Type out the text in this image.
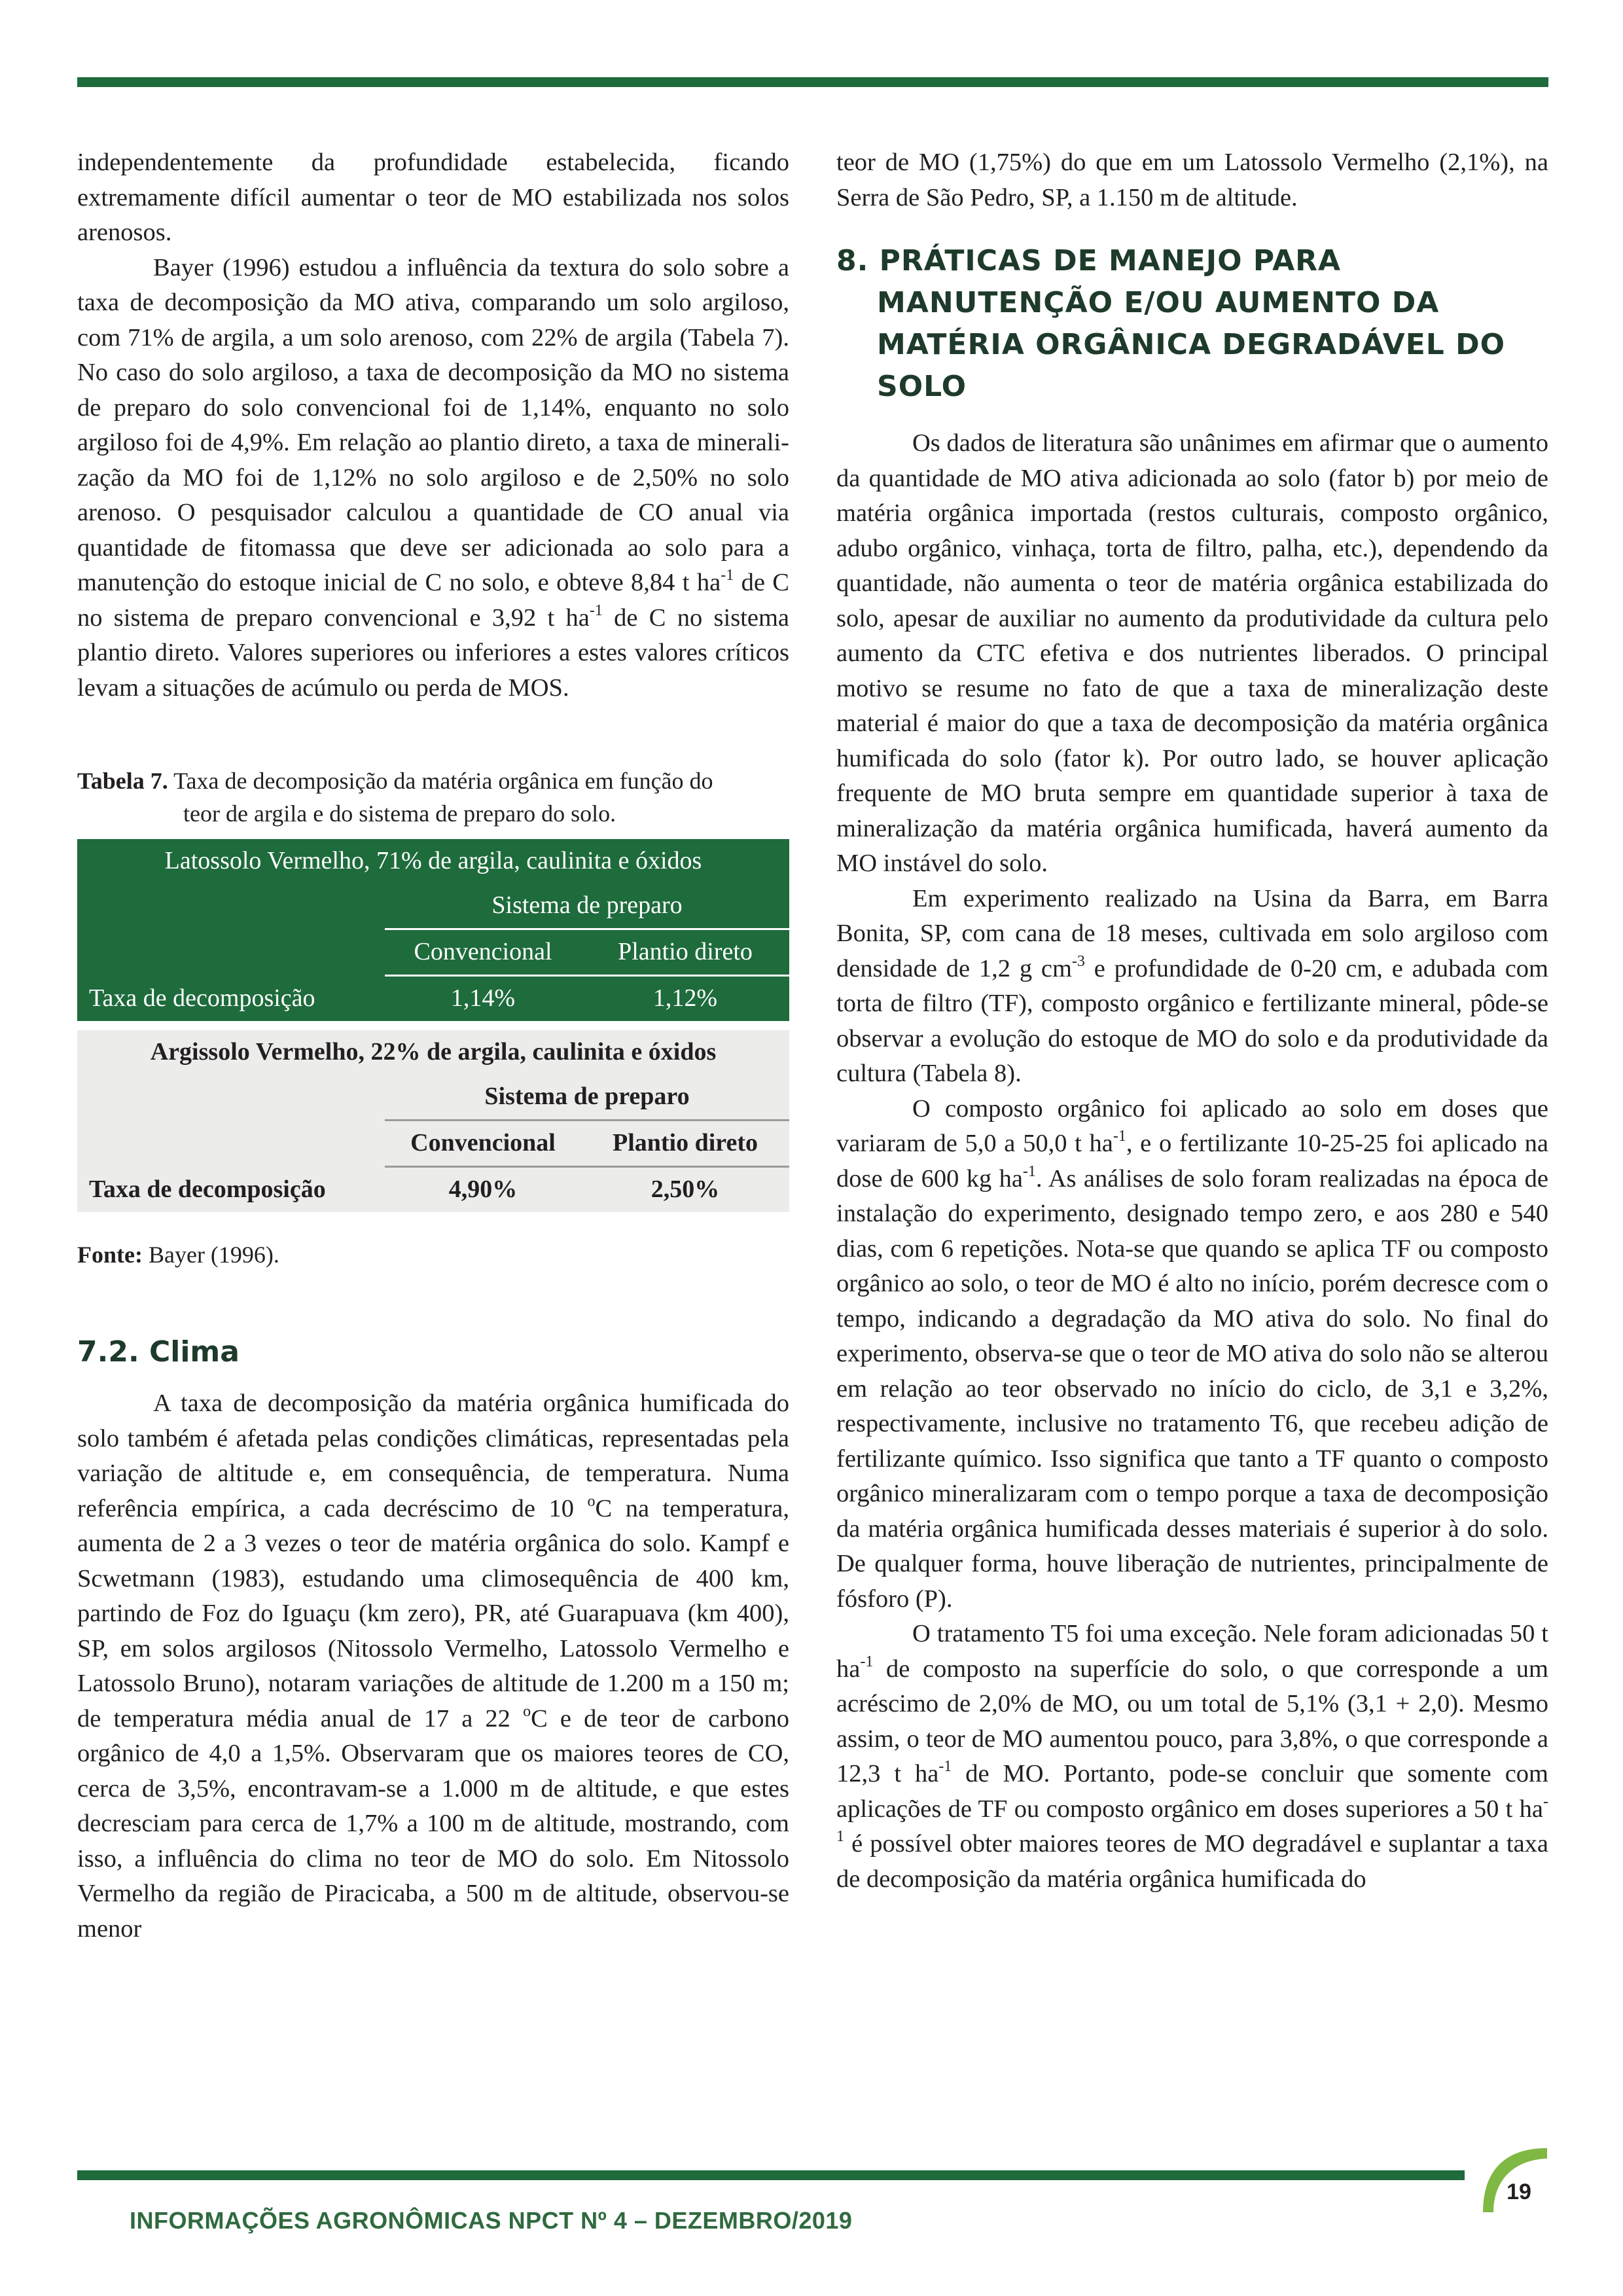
independentemente da profundidade estabelecida, ficando extremamente difícil aumentar o teor de MO estabilizada nos solos arenosos.

Bayer (1996) estudou a influência da textura do solo sobre a taxa de decomposição da MO ativa, comparando um solo argiloso, com 71% de argila, a um solo arenoso, com 22% de argila (Tabela 7). No caso do solo argiloso, a taxa de decomposição da MO no sistema de preparo do solo convencional foi de 1,14%, enquanto no solo argiloso foi de 4,9%. Em relação ao plantio direto, a taxa de mineralização da MO foi de 1,12% no solo argiloso e de 2,50% no solo arenoso. O pesquisador calculou a quantidade de CO anual via quantidade de fitomassa que deve ser adicionada ao solo para a manutenção do estoque inicial de C no solo, e obteve 8,84 t $ha^{-1}$ de C no sistema de preparo convencional e 3,92 t $ha^{-1}$ de C no sistema plantio direto. Valores superiores ou inferiores a estes valores críticos levam a situações de acúmulo ou perda de MOS.

Tabela 7. Taxa de decomposição da matéria orgânica em função do
teor de argila e do sistema de preparo do solo.
Latossolo Vermelho, 71% de argila, caulinita e óxidos		
	Sistema de preparo	
	Convencional	Plantio direto
Taxa de decomposição	1,14%	1,12%

Argissolo Vermelho, 22% de argila, caulinita e óxidos		
	Sistema de preparo	
	Convencional	Plantio direto
Taxa de decomposição	4,90%	2,50%
Fonte: Bayer (1996).
7.2. Clima

A taxa de decomposição da matéria orgânica humificada do solo também é afetada pelas condições climáticas, representadas pela variação de altitude e, em consequência, de temperatura. Numa referência empírica, a cada decréscimo de 10 $^o$C na temperatura, aumenta de 2 a 3 vezes o teor de matéria orgânica do solo. Kampf e Scwetmann (1983), estudando uma climosequência de 400 km, partindo de Foz do Iguaçu (km zero), PR, até Guarapuava (km 400), SP, em solos argilosos (Nitossolo Vermelho, Latossolo Vermelho e Latossolo Bruno), notaram variações de altitude de 1.200 m a 150 m; de temperatura média anual de 17 a 22 $^o$C e de teor de carbono orgânico de 4,0 a 1,5%. Observaram que os maiores teores de CO, cerca de 3,5%, encontravam-se a 1.000 m de altitude, e que estes decresciam para cerca de 1,7% a 100 m de altitude, mostrando, com isso, a influência do clima no teor de MO do solo. Em Nitossolo Vermelho da região de Piracicaba, a 500 m de altitude, observou-se menor

teor de MO (1,75%) do que em um Latossolo Vermelho (2,1%), na Serra de São Pedro, SP, a 1.150 m de altitude.

8. PRÁTICAS DE MANEJO PARA MANUTENÇÃO E/OU AUMENTO DA MATÉRIA ORGÂNICA DEGRADÁVEL DO SOLO

Os dados de literatura são unânimes em afirmar que o aumento da quantidade de MO ativa adicionada ao solo (fator b) por meio de matéria orgânica importada (restos culturais, composto orgânico, adubo orgânico, vinhaça, torta de filtro, palha, etc.), dependendo da quantidade, não aumenta o teor de matéria orgânica estabilizada do solo, apesar de auxiliar no aumento da produtividade da cultura pelo aumento da CTC efetiva e dos nutrientes liberados. O principal motivo se resume no fato de que a taxa de mineralização deste material é maior do que a taxa de decomposição da matéria orgânica humificada do solo (fator k). Por outro lado, se houver aplicação frequente de MO bruta sempre em quantidade superior à taxa de mineralização da matéria orgânica humificada, haverá aumento da MO instável do solo.

Em experimento realizado na Usina da Barra, em Barra Bonita, SP, com cana de 18 meses, cultivada em solo argiloso com densidade de 1,2 g $cm^{-3}$ e profundidade de 0-20 cm, e adubada com torta de filtro (TF), composto orgânico e fertilizante mineral, pôde-se observar a evolução do estoque de MO do solo e da produtividade da cultura (Tabela 8).

O composto orgânico foi aplicado ao solo em doses que variaram de 5,0 a 50,0 t $ha^{-1}$, e o fertilizante 10-25-25 foi aplicado na dose de 600 kg $ha^{-1}$. As análises de solo foram realizadas na época de instalação do experimento, designado tempo zero, e aos 280 e 540 dias, com 6 repetições. Nota-se que quando se aplica TF ou composto orgânico ao solo, o teor de MO é alto no início, porém decresce com o tempo, indicando a degradação da MO ativa do solo. No final do experimento, observa-se que o teor de MO ativa do solo não se alterou em relação ao teor observado no início do ciclo, de 3,1 e 3,2%, respectivamente, inclusive no tratamento T6, que recebeu adição de fertilizante químico. Isso significa que tanto a TF quanto o composto orgânico mineralizaram com o tempo porque a taxa de decomposição da matéria orgânica humificada desses materiais é superior à do solo. De qualquer forma, houve liberação de nutrientes, principalmente de fósforo (P).

O tratamento T5 foi uma exceção. Nele foram adicionadas 50 t $ha^{-1}$ de composto na superfície do solo, o que corresponde a um acréscimo de 2,0% de MO, ou um total de 5,1% (3,1 + 2,0). Mesmo assim, o teor de MO aumentou pouco, para 3,8%, o que corresponde a 12,3 t $ha^{-1}$ de MO. Portanto, pode-se concluir que somente com aplicações de TF ou composto orgânico em doses superiores a 50 t $ha^{-1}$ é possível obter maiores teores de MO degradável e suplantar a taxa de decomposição da matéria orgânica humificada do

INFORMAÇÕES AGRONÔMICAS NPCT Nº 4 – DEZEMBRO/2019
19
